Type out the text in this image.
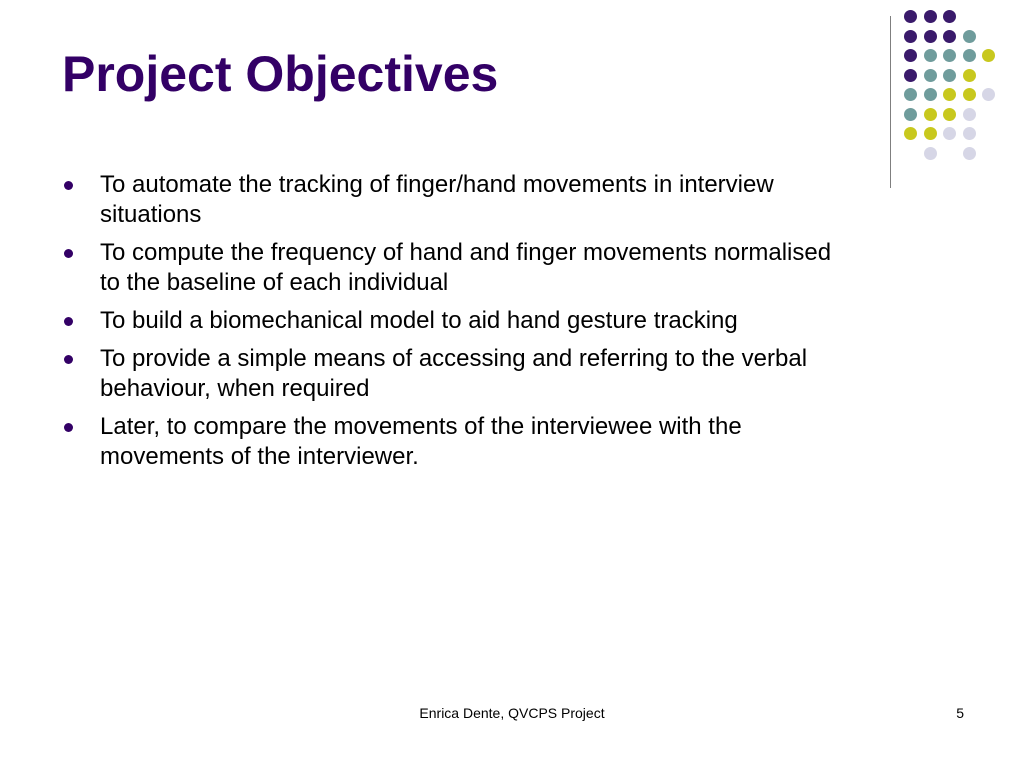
Project Objectives
To automate the tracking of finger/hand movements in interview situations
To compute the frequency of hand and finger movements normalised to the baseline of each individual
To build a biomechanical model to aid hand gesture tracking
To provide a simple means of accessing and referring to the verbal behaviour, when required
Later, to compare the movements of the interviewee with the movements of the interviewer.
Enrica Dente, QVCPS Project	5
